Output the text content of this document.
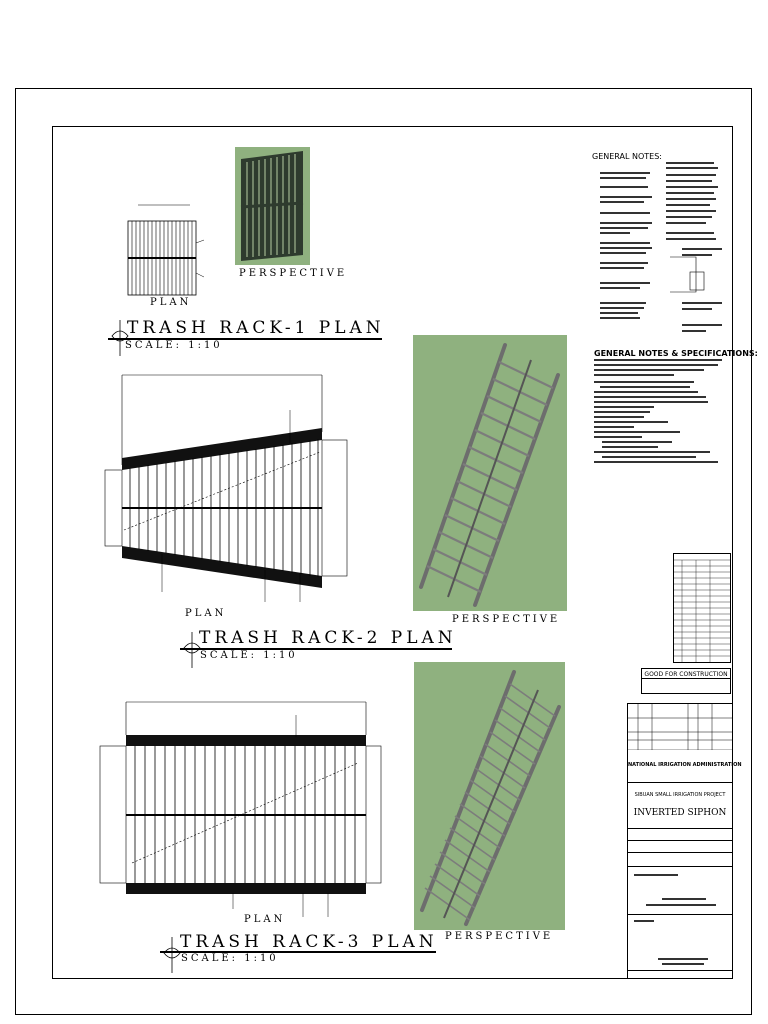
PLAN
PERSPECTIVE
TRASH RACK-1 PLAN
SCALE: 1:10
PLAN
PERSPECTIVE
TRASH RACK-2 PLAN
SCALE: 1:10
PLAN
PERSPECTIVE
TRASH RACK-3 PLAN
SCALE: 1:10
GENERAL NOTES:
GENERAL NOTES & SPECIFICATIONS:
GOOD FOR CONSTRUCTION
NATIONAL IRRIGATION ADMINISTRATION
SIBUAN SMALL IRRIGATION PROJECT
INVERTED SIPHON
